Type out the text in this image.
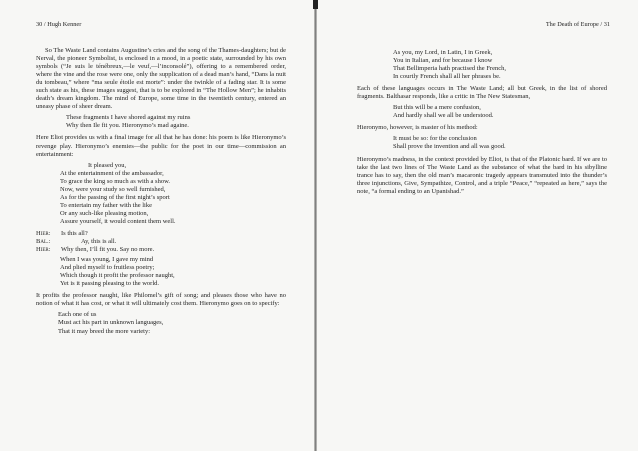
30 / Hugh Kenner

So The Waste Land contains Augustine’s cries and the song of the Thames-daughters; but de Nerval, the pioneer Symbolist, is enclosed in a mood, in a poetic state, surrounded by his own symbols (“Je suis le ténébreux,—le veuf,—l’inconsolé”), offering to a remembered order, where the vine and the rose were one, only the supplication of a dead man’s hand, “Dans la nuit du tombeau,” where “ma seule étoile est morte”: under the twinkle of a fading star. It is some such state as his, these images suggest, that is to be explored in “The Hollow Men”; he inhabits death’s dream kingdom. The mind of Europe, some time in the twentieth century, entered an uneasy phase of sheer dream.

These fragments I have shored against my ruins
Why then Ile fit you. Hieronymo’s mad againe.

Here Eliot provides us with a final image for all that he has done: his poem is like Hieronymo’s revenge play. Hieronymo’s enemies—the public for the poet in our time—commission an entertainment:

It pleased you,
At the entertainment of the ambassador,
To grace the king so much as with a show.
Now, were your study so well furnished,
As for the passing of the first night’s sport
To entertain my father with the like
Or any such-like pleasing motion,
Assure yourself, it would content them well.
Hier: Is this all?
Bal.:	Ay, this is all.
Hier: Why then, I’ll fit you. Say no more.
When I was young, I gave my mind
And plied myself to fruitless poetry;
Which though it profit the professor naught,
Yet is it passing pleasing to the world.

It profits the professor naught, like Philomel’s gift of song; and pleases those who have no notion of what it has cost, or what it will ultimately cost them. Hieronymo goes on to specify:

Each one of us
Must act his part in unknown languages,
That it may breed the more variety:
The Death of Europe / 31
As you, my Lord, in Latin, I in Greek,
You in Italian, and for because I know
That Bellimperia hath practised the French,
In courtly French shall all her phrases be.

Each of these languages occurs in The Waste Land; all but Greek, in the list of shored fragments. Balthasar responds, like a critic in The New Statesman,

But this will be a mere confusion,
And hardly shall we all be understood.

Hieronymo, however, is master of his method:

It must be so: for the conclusion
Shall prove the invention and all was good.

Hieronymo’s madness, in the context provided by Eliot, is that of the Platonic bard. If we are to take the last two lines of The Waste Land as the substance of what the bard in his sibylline trance has to say, then the old man’s macaronic tragedy appears transmuted into the thunder’s three injunctions, Give, Sympathize, Control, and a triple “Peace,” “repeated as here,” says the note, “a formal ending to an Upanishad.”
